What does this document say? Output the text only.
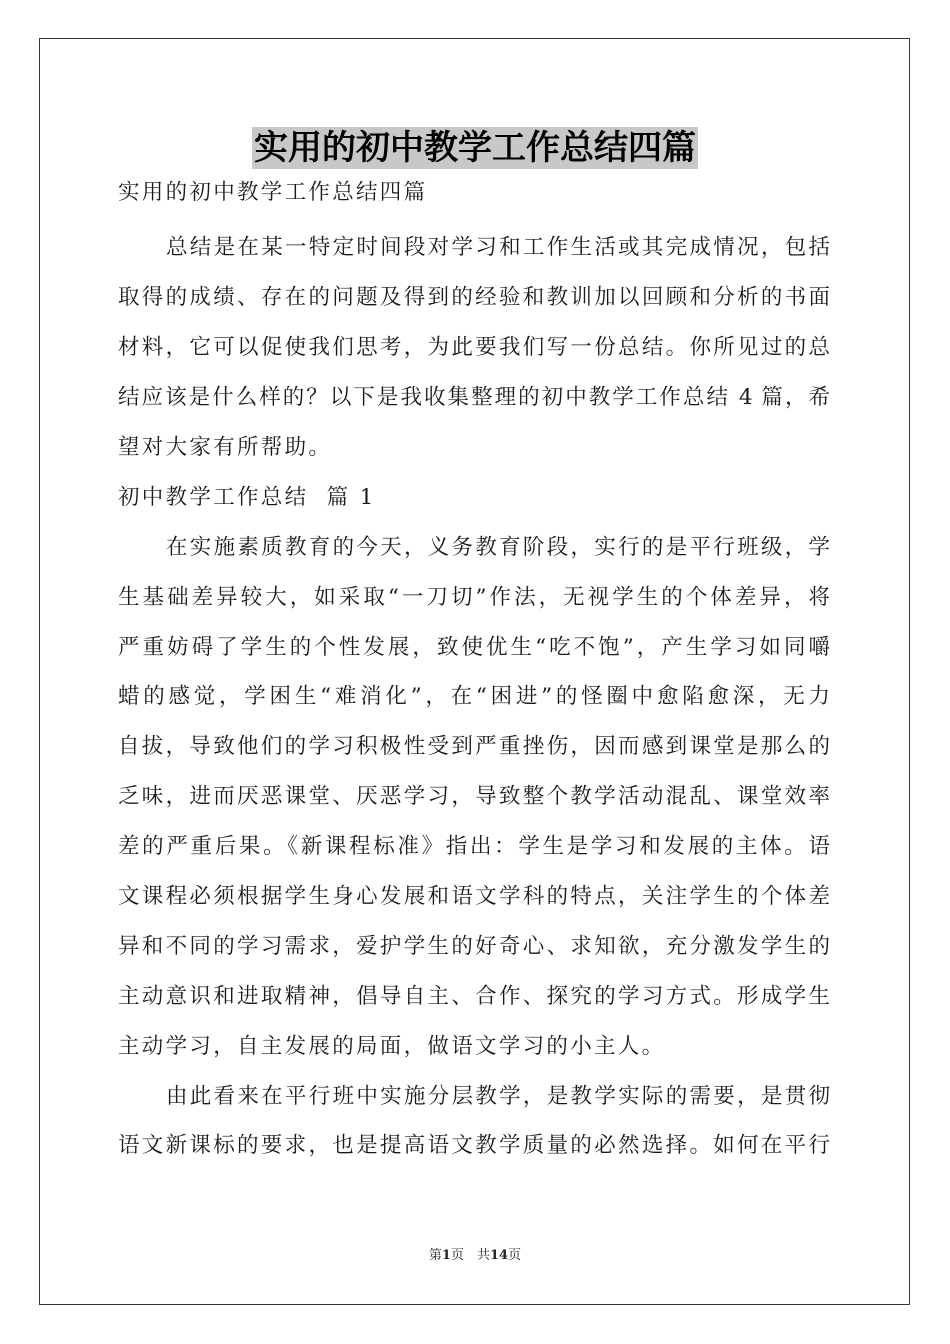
实用的初中教学工作总结四篇
实用的初中教学工作总结四篇
总结是在某一特定时间段对学习和工作生活或其完成情况，包括
取得的成绩、存在的问题及得到的经验和教训加以回顾和分析的书面
材料，它可以促使我们思考，为此要我们写一份总结。你所见过的总
结应该是什么样的？以下是我收集整理的初中教学工作总结 4 篇，希
望对大家有所帮助。
初中教学工作总结  篇 1
在实施素质教育的今天，义务教育阶段，实行的是平行班级，学
生基础差异较大，如采取“一刀切”作法，无视学生的个体差异，将
严重妨碍了学生的个性发展，致使优生“吃不饱”，产生学习如同嚼
蜡的感觉，学困生“难消化”，在“困进”的怪圈中愈陷愈深，无力
自拔，导致他们的学习积极性受到严重挫伤，因而感到课堂是那么的
乏味，进而厌恶课堂、厌恶学习，导致整个教学活动混乱、课堂效率
差的严重后果。《新课程标准》指出：学生是学习和发展的主体。语
文课程必须根据学生身心发展和语文学科的特点，关注学生的个体差
异和不同的学习需求，爱护学生的好奇心、求知欲，充分激发学生的
主动意识和进取精神，倡导自主、合作、探究的学习方式。形成学生
主动学习，自主发展的局面，做语文学习的小主人。
由此看来在平行班中实施分层教学，是教学实际的需要，是贯彻
语文新课标的要求，也是提高语文教学质量的必然选择。如何在平行
第1页　共14页
